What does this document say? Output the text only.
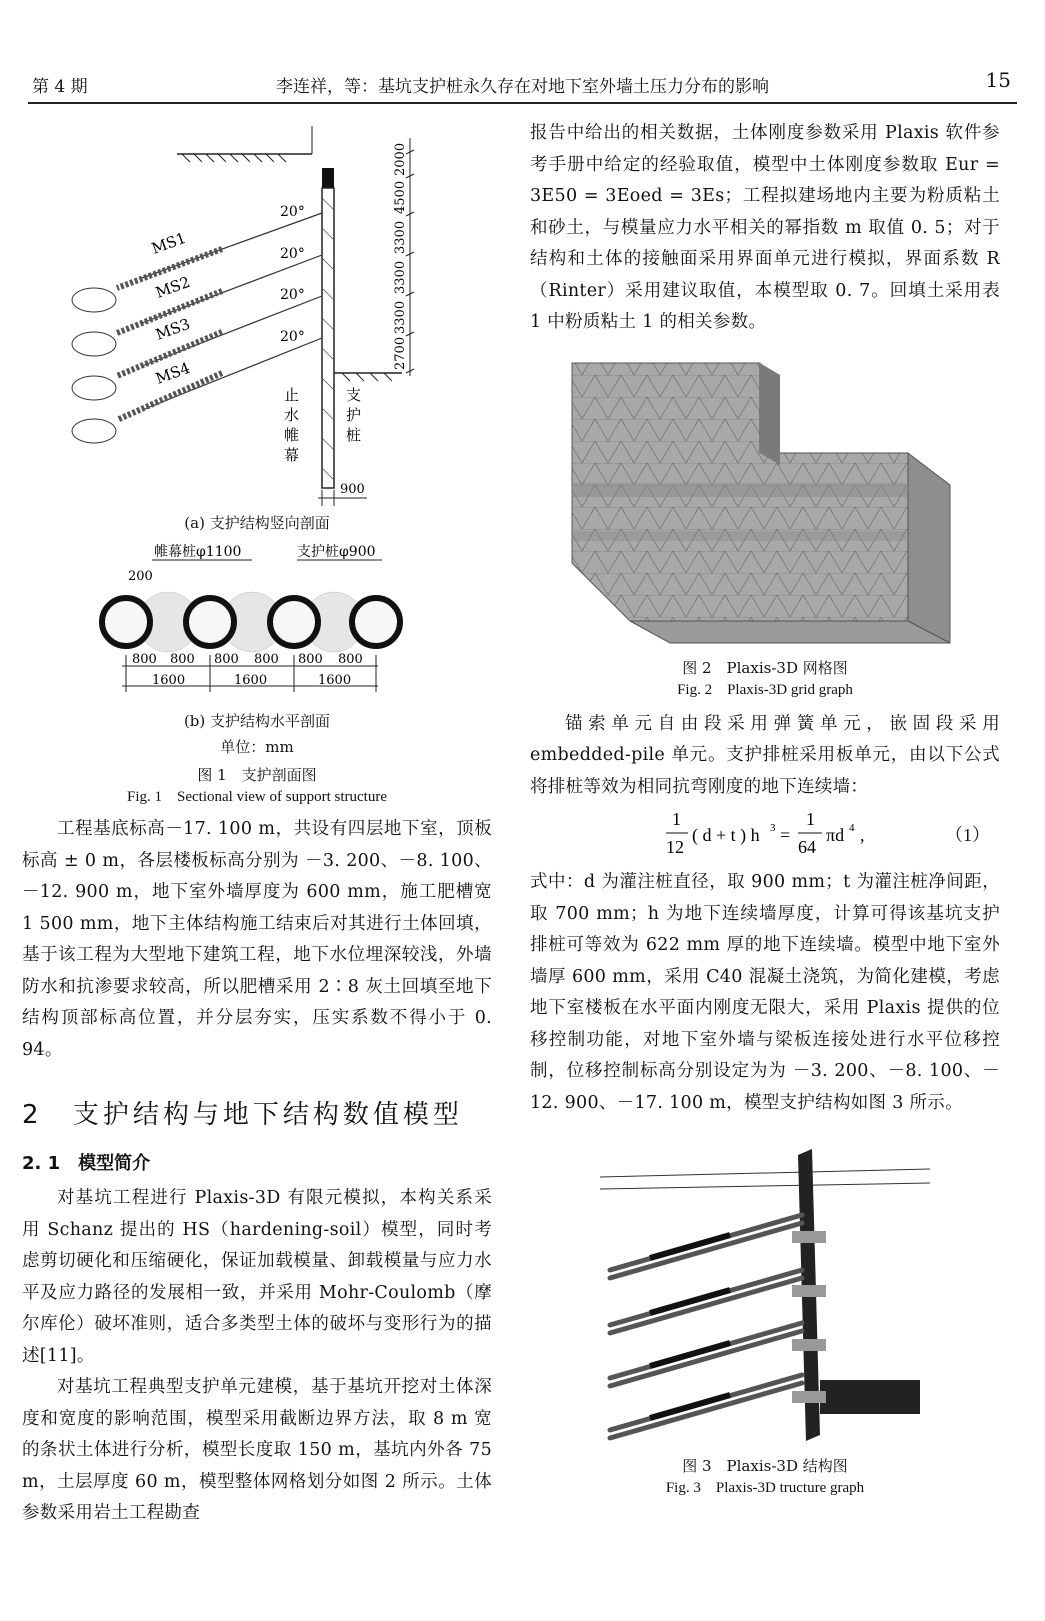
第 4 期	李连祥，等：基坑支护桩永久存在对地下室外墙土压力分布的影响	15
MS1
MS2
MS3
MS4
20°
20°
20°
20°
止
水
帷
幕
支
护
桩
2000
4500
3300
3300
3300
2700
900
(a) 支护结构竖向剖面
帷幕桩φ1100	支护桩φ900
200
800 800 800 800 800 800
1600	1600	1600
(b) 支护结构水平剖面
单位：mm
图 1　支护剖面图
Fig. 1　Sectional view of support structure
工程基底标高－17. 100 m，共设有四层地下室，顶板标高 ± 0 m，各层楼板标高分别为 －3. 200、－8. 100、－12. 900 m，地下室外墙厚度为 600 mm，施工肥槽宽 1 500 mm，地下主体结构施工结束后对其进行土体回填，基于该工程为大型地下建筑工程，地下水位埋深较浅，外墙防水和抗渗要求较高，所以肥槽采用 2∶8 灰土回填至地下结构顶部标高位置，并分层夯实，压实系数不得小于 0. 94。
2 支护结构与地下结构数值模型
2. 1　模型简介
对基坑工程进行 Plaxis-3D 有限元模拟，本构关系采用 Schanz 提出的 HS（hardening-soil）模型，同时考虑剪切硬化和压缩硬化，保证加载模量、卸载模量与应力水平及应力路径的发展相一致，并采用 Mohr-Coulomb（摩尔库伦）破坏准则，适合多类型土体的破坏与变形行为的描述[11]。
对基坑工程典型支护单元建模，基于基坑开挖对土体深度和宽度的影响范围，模型采用截断边界方法，取 8 m 宽的条状土体进行分析，模型长度取 150 m，基坑内外各 75 m，土层厚度 60 m，模型整体网格划分如图 2 所示。土体参数采用岩土工程勘查
报告中给出的相关数据，土体刚度参数采用 Plaxis 软件参考手册中给定的经验取值，模型中土体刚度参数取 Eur = 3E50 = 3Eoed = 3Es；工程拟建场地内主要为粉质粘土和砂土，与模量应力水平相关的幂指数 m 取值 0. 5；对于结构和土体的接触面采用界面单元进行模拟，界面系数 R（Rinter）采用建议取值，本模型取 0. 7。回填土采用表 1 中粉质粘土 1 的相关参数。
图 2　Plaxis-3D 网格图
Fig. 2　Plaxis-3D grid graph
锚索单元自由段采用弹簧单元，嵌固段采用 embedded-pile 单元。支护排桩采用板单元，由以下公式将排桩等效为相同抗弯刚度的地下连续墙：
1
12
( d + t ) h 3 =
1
64
πd 4 ,	（1）
式中：d 为灌注桩直径，取 900 mm；t 为灌注桩净间距，取 700 mm；h 为地下连续墙厚度，计算可得该基坑支护排桩可等效为 622 mm 厚的地下连续墙。模型中地下室外墙厚 600 mm，采用 C40 混凝土浇筑，为简化建模，考虑地下室楼板在水平面内刚度无限大，采用 Plaxis 提供的位移控制功能，对地下室外墙与梁板连接处进行水平位移控制，位移控制标高分别设定为为 －3. 200、－8. 100、－12. 900、－17. 100 m，模型支护结构如图 3 所示。
图 3　Plaxis-3D 结构图
Fig. 3　Plaxis-3D tructure graph
